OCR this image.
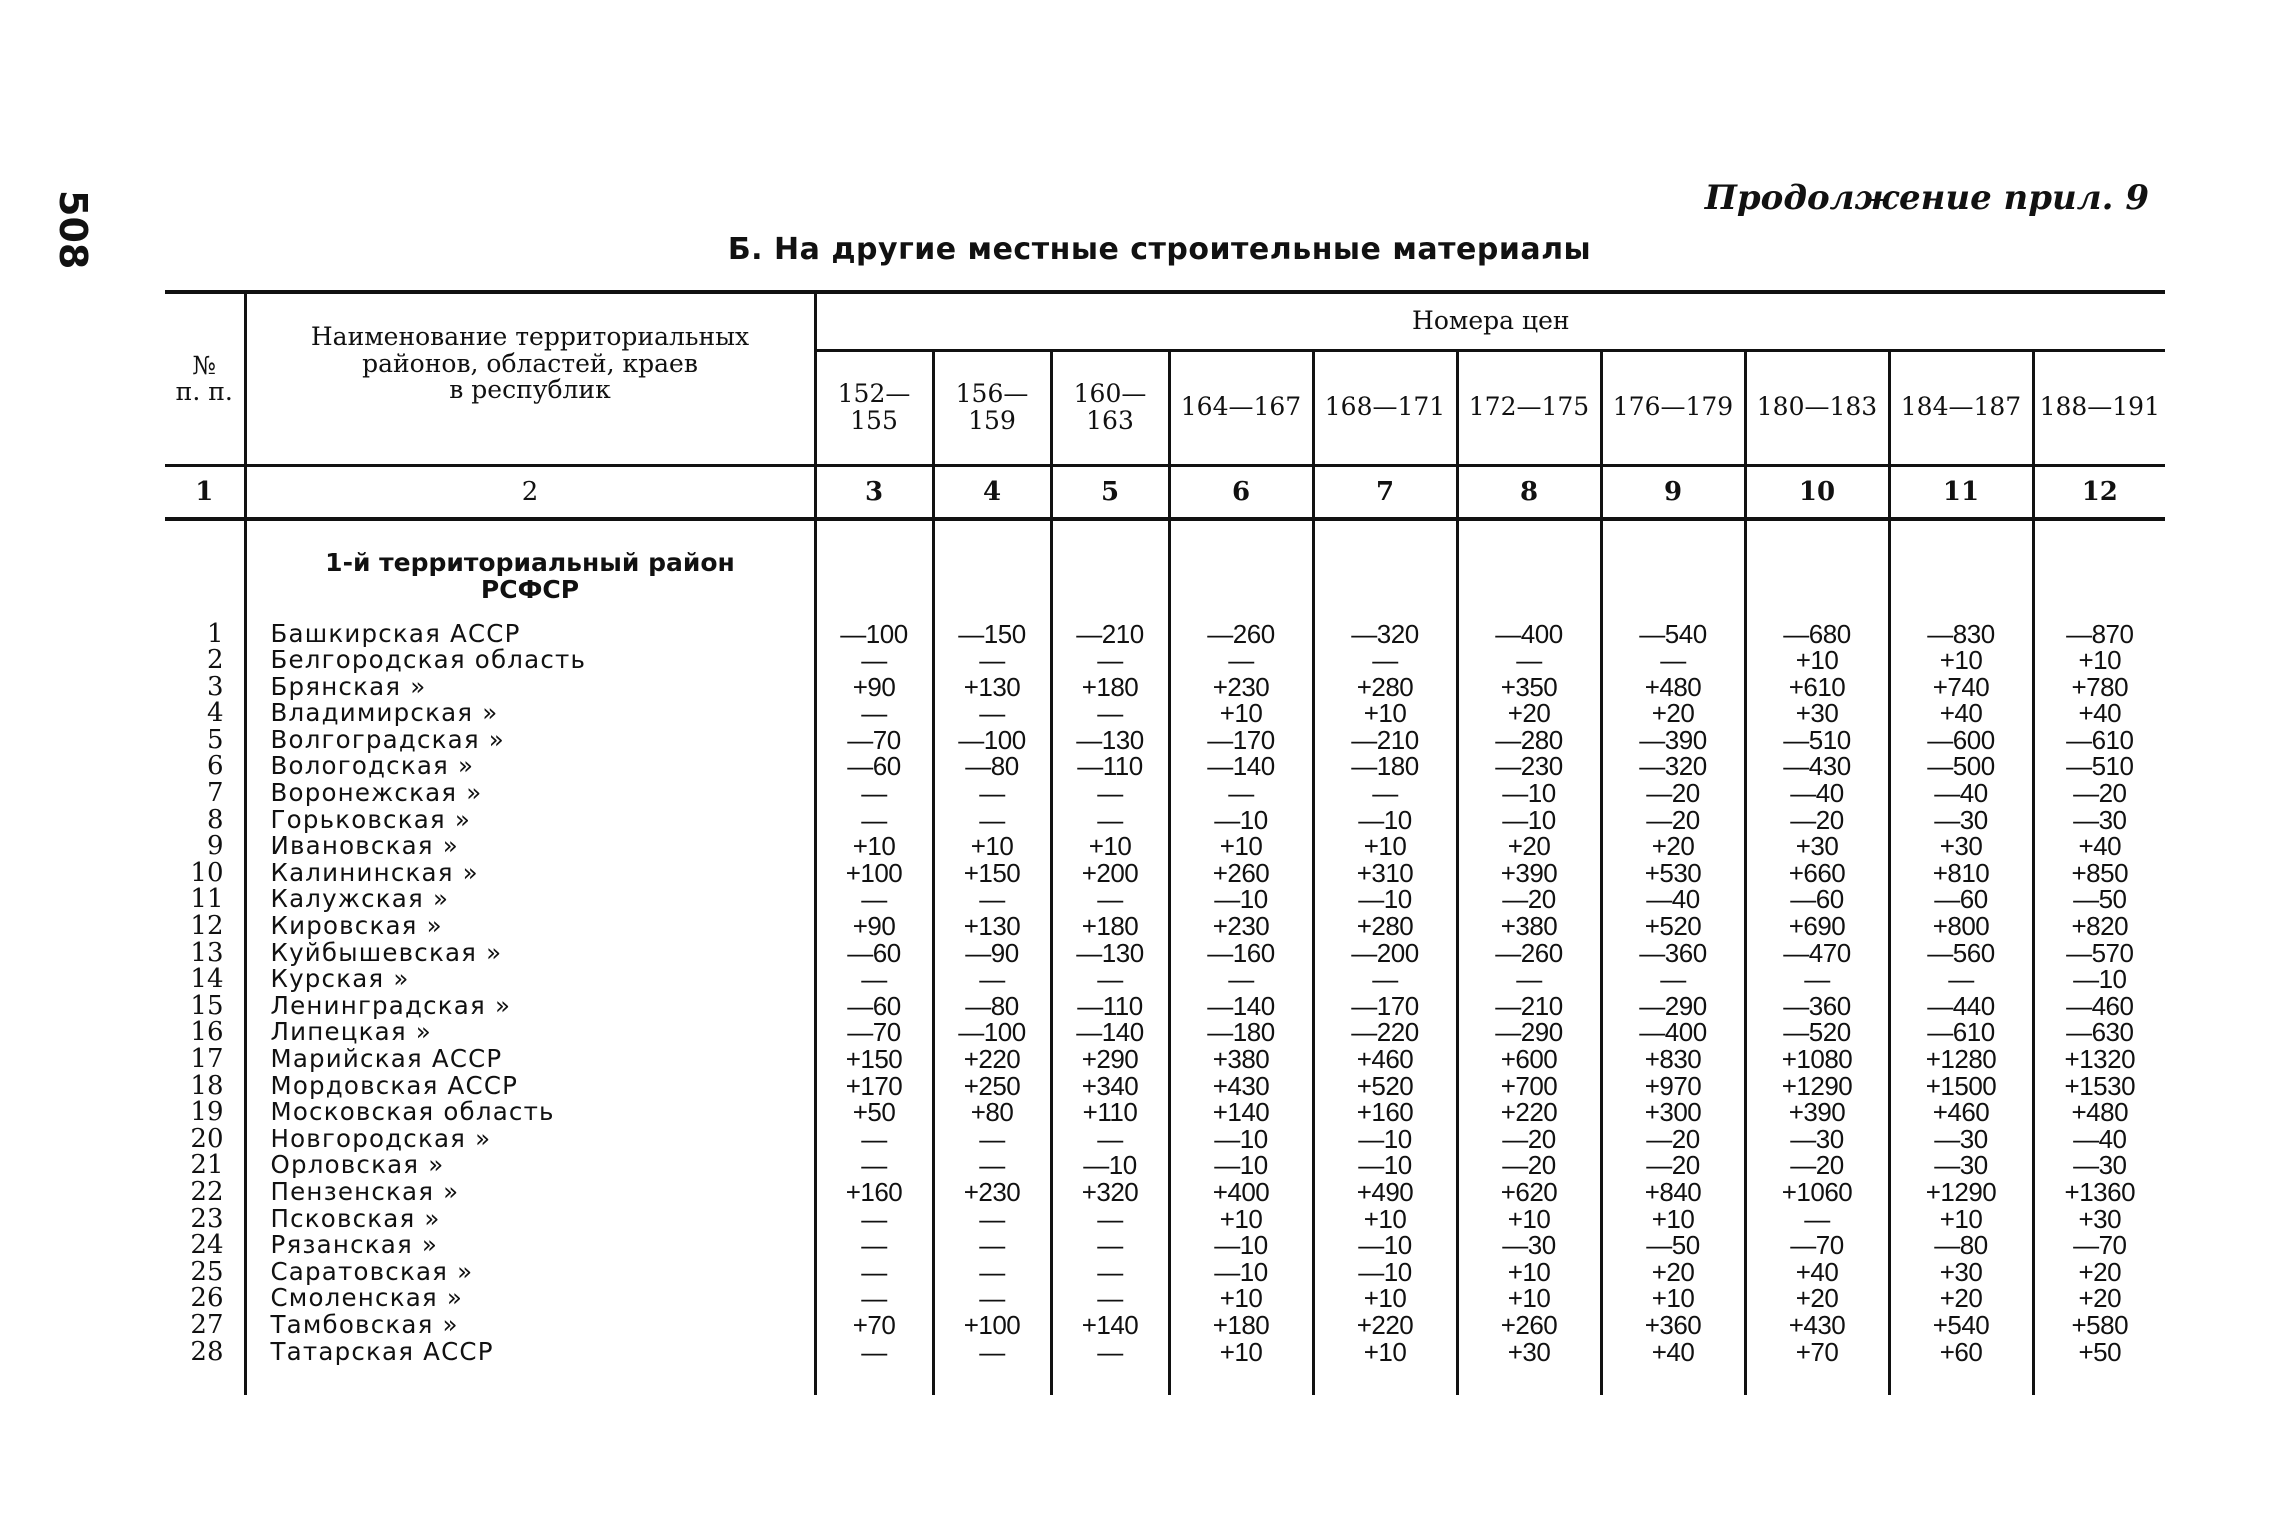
508	Продолжение прил. 9
Б. На другие местные строительные материалы
№
п. п.	Наименование территориальных
районов, областей, краев
в республик	Номера цен									
		152—
155	156—
159	160—
163	164—167	168—171	172—175	176—179	180—183	184—187	188—191
1	2	3	4	5	6	7	8	9	10	11	12
	1-й территориальный район
РСФСР										
1	Башкирская АССР	—100	—150	—210	—260	—320	—400	—540	—680	—830	—870
2	Белгородская область	—	—	—	—	—	—	—	+10	+10	+10
3	Брянская »	+90	+130	+180	+230	+280	+350	+480	+610	+740	+780
4	Владимирская »	—	—	—	+10	+10	+20	+20	+30	+40	+40
5	Волгоградская »	—70	—100	—130	—170	—210	—280	—390	—510	—600	—610
6	Вологодская »	—60	—80	—110	—140	—180	—230	—320	—430	—500	—510
7	Воронежская »	—	—	—	—	—	—10	—20	—40	—40	—20
8	Горьковская »	—	—	—	—10	—10	—10	—20	—20	—30	—30
9	Ивановская »	+10	+10	+10	+10	+10	+20	+20	+30	+30	+40
10	Калининская »	+100	+150	+200	+260	+310	+390	+530	+660	+810	+850
11	Калужская »	—	—	—	—10	—10	—20	—40	—60	—60	—50
12	Кировская »	+90	+130	+180	+230	+280	+380	+520	+690	+800	+820
13	Куйбышевская »	—60	—90	—130	—160	—200	—260	—360	—470	—560	—570
14	Курская »	—	—	—	—	—	—	—	—	—	—10
15	Ленинградская »	—60	—80	—110	—140	—170	—210	—290	—360	—440	—460
16	Липецкая »	—70	—100	—140	—180	—220	—290	—400	—520	—610	—630
17	Марийская АССР	+150	+220	+290	+380	+460	+600	+830	+1080	+1280	+1320
18	Мордовская АССР	+170	+250	+340	+430	+520	+700	+970	+1290	+1500	+1530
19	Московская область	+50	+80	+110	+140	+160	+220	+300	+390	+460	+480
20	Новгородская »	—	—	—	—10	—10	—20	—20	—30	—30	—40
21	Орловская »	—	—	—10	—10	—10	—20	—20	—20	—30	—30
22	Пензенская »	+160	+230	+320	+400	+490	+620	+840	+1060	+1290	+1360
23	Псковская »	—	—	—	+10	+10	+10	+10	—	+10	+30
24	Рязанская »	—	—	—	—10	—10	—30	—50	—70	—80	—70
25	Саратовская »	—	—	—	—10	—10	+10	+20	+40	+30	+20
26	Смоленская »	—	—	—	+10	+10	+10	+10	+20	+20	+20
27	Тамбовская »	+70	+100	+140	+180	+220	+260	+360	+430	+540	+580
28	Татарская АССР	—	—	—	+10	+10	+30	+40	+70	+60	+50
